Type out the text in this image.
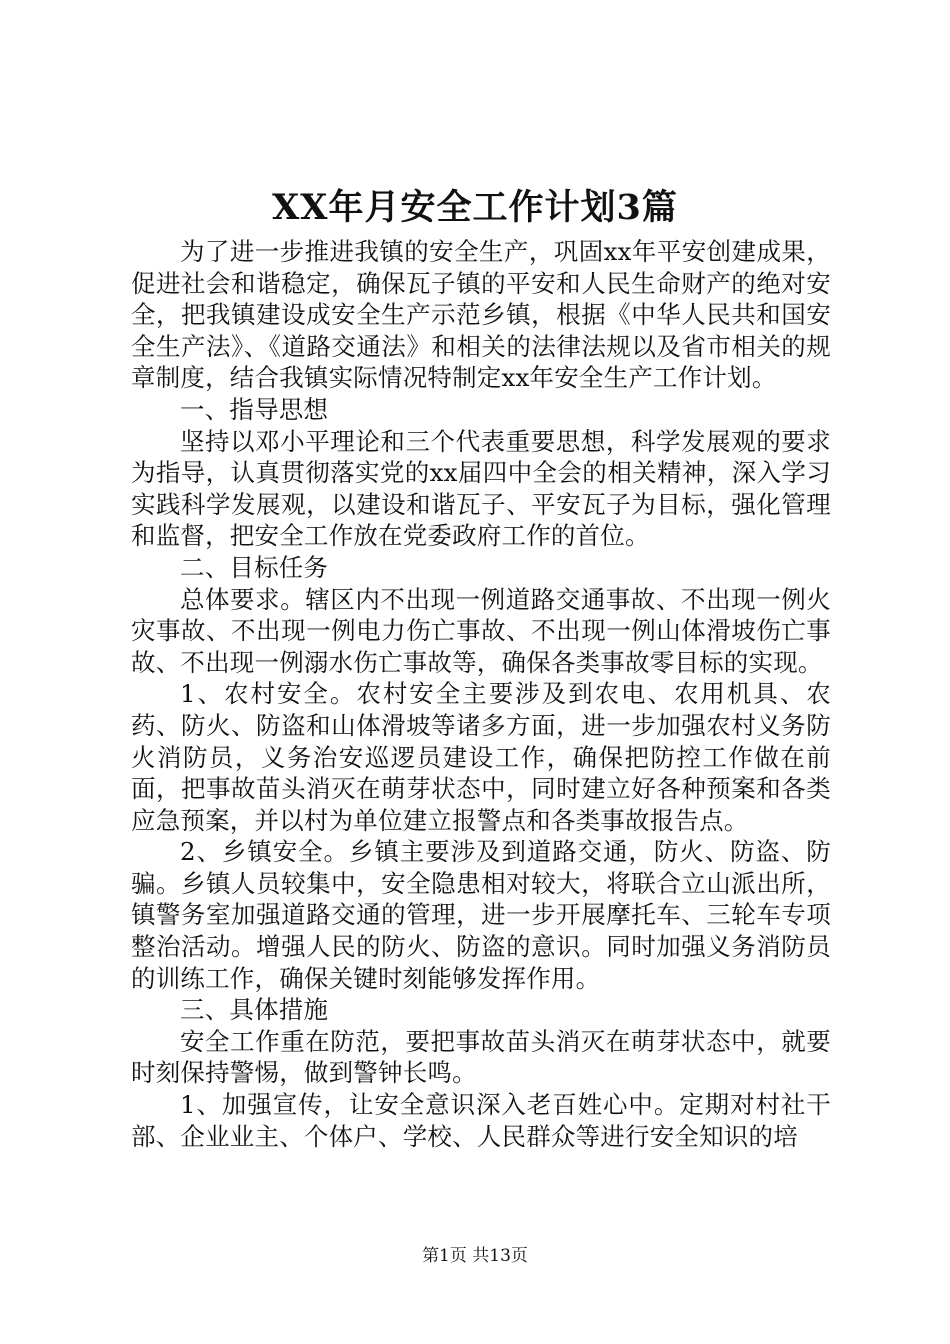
XX年月安全工作计划3篇

为了进一步推进我镇的安全生产，巩固xx年平安创建成果，促进社会和谐稳定，确保瓦子镇的平安和人民生命财产的绝对安全，把我镇建设成安全生产示范乡镇，根据《中华人民共和国安全生产法》、《道路交通法》和相关的法律法规以及省市相关的规章制度，结合我镇实际情况特制定xx年安全生产工作计划。

一、指导思想

坚持以邓小平理论和三个代表重要思想，科学发展观的要求为指导，认真贯彻落实党的xx届四中全会的相关精神，深入学习实践科学发展观，以建设和谐瓦子、平安瓦子为目标，强化管理和监督，把安全工作放在党委政府工作的首位。

二、目标任务

总体要求。辖区内不出现一例道路交通事故、不出现一例火灾事故、不出现一例电力伤亡事故、不出现一例山体滑坡伤亡事故、不出现一例溺水伤亡事故等，确保各类事故零目标的实现。

1、农村安全。农村安全主要涉及到农电、农用机具、农药、防火、防盗和山体滑坡等诸多方面，进一步加强农村义务防火消防员，义务治安巡逻员建设工作，确保把防控工作做在前面，把事故苗头消灭在萌芽状态中，同时建立好各种预案和各类应急预案，并以村为单位建立报警点和各类事故报告点。

2、乡镇安全。乡镇主要涉及到道路交通，防火、防盗、防骗。乡镇人员较集中，安全隐患相对较大，将联合立山派出所，镇警务室加强道路交通的管理，进一步开展摩托车、三轮车专项整治活动。增强人民的防火、防盗的意识。同时加强义务消防员的训练工作，确保关键时刻能够发挥作用。

三、具体措施

安全工作重在防范，要把事故苗头消灭在萌芽状态中，就要时刻保持警惕，做到警钟长鸣。

1、加强宣传，让安全意识深入老百姓心中。定期对村社干部、企业业主、个体户、学校、人民群众等进行安全知识的培

第1页 共13页
